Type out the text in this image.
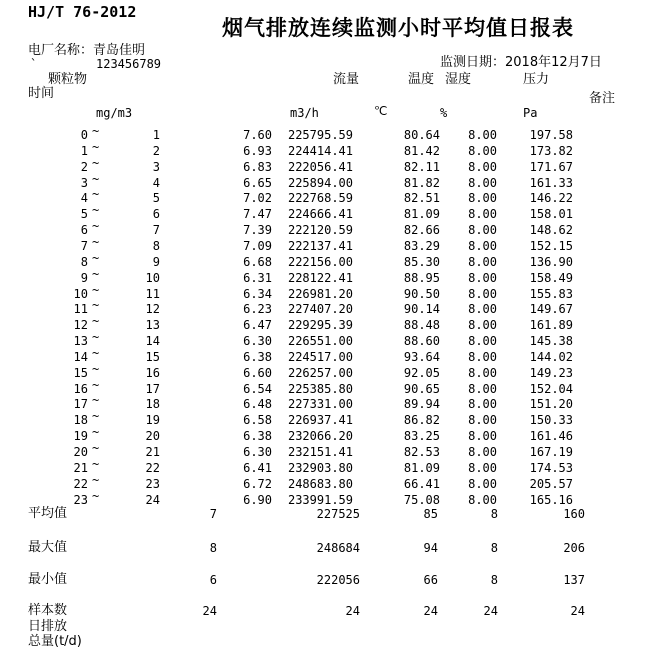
HJ/T 76-2012
烟气排放连续监测小时平均值日报表
电厂名称：青岛佳明
`	123456789	监测日期：2018年12月7日
颗粒物	流量	温度 湿度	压力
时间	备注
mg/m3	m3/h	℃	%	Pa
0 ~	1	7.60	225795.59	80.64	8.00	197.58
1 ~	2	6.93	224414.41	81.42	8.00	173.82
2 ~	3	6.83	222056.41	82.11	8.00	171.67
3 ~	4	6.65	225894.00	81.82	8.00	161.33
4 ~	5	7.02	222768.59	82.51	8.00	146.22
5 ~	6	7.47	224666.41	81.09	8.00	158.01
6 ~	7	7.39	222120.59	82.66	8.00	148.62
7 ~	8	7.09	222137.41	83.29	8.00	152.15
8 ~	9	6.68	222156.00	85.30	8.00	136.90
9 ~	10	6.31	228122.41	88.95	8.00	158.49
10 ~	11	6.34	226981.20	90.50	8.00	155.83
11 ~	12	6.23	227407.20	90.14	8.00	149.67
12 ~	13	6.47	229295.39	88.48	8.00	161.89
13 ~	14	6.30	226551.00	88.60	8.00	145.38
14 ~	15	6.38	224517.00	93.64	8.00	144.02
15 ~	16	6.60	226257.00	92.05	8.00	149.23
16 ~	17	6.54	225385.80	90.65	8.00	152.04
17 ~	18	6.48	227331.00	89.94	8.00	151.20
18 ~	19	6.58	226937.41	86.82	8.00	150.33
19 ~	20	6.38	232066.20	83.25	8.00	161.46
20 ~	21	6.30	232151.41	82.53	8.00	167.19
21 ~	22	6.41	232903.80	81.09	8.00	174.53
22 ~	23	6.72	248683.80	66.41	8.00	205.57
23 ~	24	6.90	233991.59	75.08	8.00	165.16
平均值	7	227525	85	8	160
最大值	8	248684	94	8	206
最小值	6	222056	66	8	137
样本数	24	24	24	24	24
日排放
总量(t/d)
